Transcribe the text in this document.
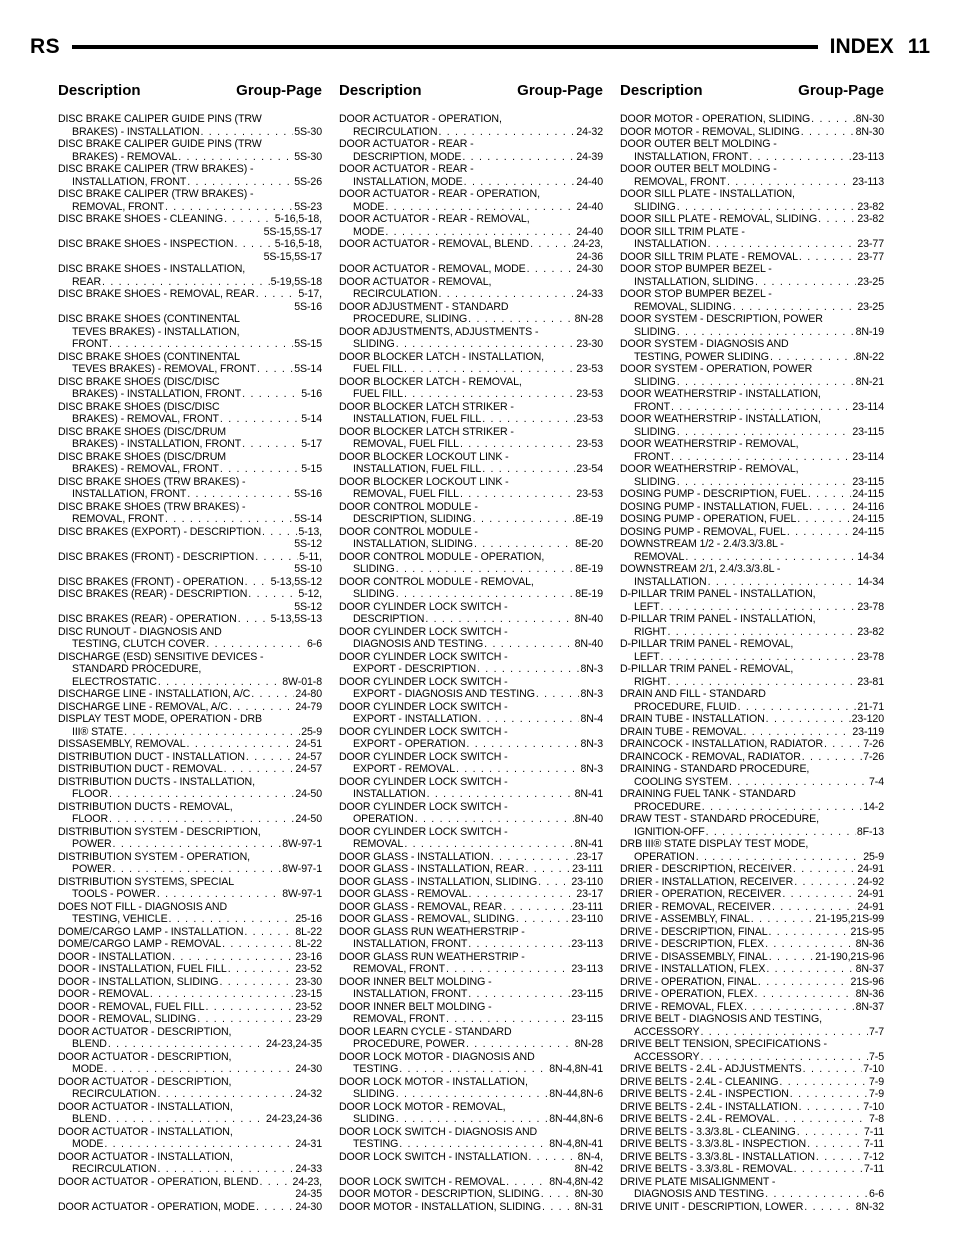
RS	INDEX 11
Description	Group-Page Description	Group-Page Description	Group-Page
DISC BRAKE CALIPER GUIDE PINS (TRW
BRAKES) - INSTALLATION . . .	5S-30
DISC BRAKE CALIPER GUIDE PINS (TRW
BRAKES) - REMOVAL . . .	5S-30
DISC BRAKE CALIPER (TRW BRAKES) -
INSTALLATION, FRONT . . .	5S-26
DISC BRAKE CALIPER (TRW BRAKES) -
REMOVAL, FRONT . . .	5S-23
DISC BRAKE SHOES - CLEANING . . .	5-16,5-18,
5S-15,5S-17
DISC BRAKE SHOES - INSPECTION . . .	5-16,5-18,
5S-15,5S-17
DISC BRAKE SHOES - INSTALLATION,
REAR . . .	5-19,5S-18
DISC BRAKE SHOES - REMOVAL, REAR . . .	5-17,
5S-16
DISC BRAKE SHOES (CONTINENTAL
TEVES BRAKES) - INSTALLATION,
FRONT . . .	5S-15
DISC BRAKE SHOES (CONTINENTAL
TEVES BRAKES) - REMOVAL, FRONT . . .	5S-14
DISC BRAKE SHOES (DISC/DISC
BRAKES) - INSTALLATION, FRONT . . .	5-16
DISC BRAKE SHOES (DISC/DISC
BRAKES) - REMOVAL, FRONT . . .	5-14
DISC BRAKE SHOES (DISC/DRUM
BRAKES) - INSTALLATION, FRONT . . .	5-17
DISC BRAKE SHOES (DISC/DRUM
BRAKES) - REMOVAL, FRONT . . .	5-15
DISC BRAKE SHOES (TRW BRAKES) -
INSTALLATION, FRONT . . .	5S-16
DISC BRAKE SHOES (TRW BRAKES) -
REMOVAL, FRONT . . .	5S-14
DISC BRAKES (EXPORT) - DESCRIPTION . . .	5-13,
5S-12
DISC BRAKES (FRONT) - DESCRIPTION . . .	5-11,
5S-10
DISC BRAKES (FRONT) - OPERATION . . .	5-13,5S-12
DISC BRAKES (REAR) - DESCRIPTION . . .	5-12,
5S-12
DISC BRAKES (REAR) - OPERATION . . .	5-13,5S-13
DISC RUNOUT - DIAGNOSIS AND
TESTING, CLUTCH COVER . . .	6-6
DISCHARGE (ESD) SENSITIVE DEVICES -
STANDARD PROCEDURE,
ELECTROSTATIC . . .	8W-01-8
DISCHARGE LINE - INSTALLATION, A/C . . .	24-80
DISCHARGE LINE - REMOVAL, A/C . . .	24-79
DISPLAY TEST MODE, OPERATION - DRB
III® STATE . . .	25-9
DISSASEMBLY, REMOVAL . . .	24-51
DISTRIBUTION DUCT - INSTALLATION . . .	24-57
DISTRIBUTION DUCT - REMOVAL . . .	24-57
DISTRIBUTION DUCTS - INSTALLATION,
FLOOR . . .	24-50
DISTRIBUTION DUCTS - REMOVAL,
FLOOR . . .	24-50
DISTRIBUTION SYSTEM - DESCRIPTION,
POWER . . .	8W-97-1
DISTRIBUTION SYSTEM - OPERATION,
POWER . . .	8W-97-1
DISTRIBUTION SYSTEMS, SPECIAL
TOOLS - POWER . . .	8W-97-1
DOES NOT FILL - DIAGNOSIS AND
TESTING, VEHICLE . . .	25-16
DOME/CARGO LAMP - INSTALLATION . . .	8L-22
DOME/CARGO LAMP - REMOVAL . . .	8L-22
DOOR - INSTALLATION . . .	23-16
DOOR - INSTALLATION, FUEL FILL . . .	23-52
DOOR - INSTALLATION, SLIDING . . .	23-30
DOOR - REMOVAL . . .	23-15
DOOR - REMOVAL, FUEL FILL . . .	23-52
DOOR - REMOVAL, SLIDING . . .	23-29
DOOR ACTUATOR - DESCRIPTION,
BLEND . . .	24-23,24-35
DOOR ACTUATOR - DESCRIPTION,
MODE . . .	24-30
DOOR ACTUATOR - DESCRIPTION,
RECIRCULATION . . .	24-32
DOOR ACTUATOR - INSTALLATION,
BLEND . . .	24-23,24-36
DOOR ACTUATOR - INSTALLATION,
MODE . . .	24-31
DOOR ACTUATOR - INSTALLATION,
RECIRCULATION . . .	24-33
DOOR ACTUATOR - OPERATION, BLEND . . .	24-23,
24-35
DOOR ACTUATOR - OPERATION, MODE . . .	24-30
DOOR ACTUATOR - OPERATION,
RECIRCULATION . . .	24-32
DOOR ACTUATOR - REAR -
DESCRIPTION, MODE . . .	24-39
DOOR ACTUATOR - REAR -
INSTALLATION, MODE . . .	24-40
DOOR ACTUATOR - REAR - OPERATION,
MODE . . .	24-40
DOOR ACTUATOR - REAR - REMOVAL,
MODE . . .	24-40
DOOR ACTUATOR - REMOVAL, BLEND . . .	24-23,
24-36
DOOR ACTUATOR - REMOVAL, MODE . . .	24-30
DOOR ACTUATOR - REMOVAL,
RECIRCULATION . . .	24-33
DOOR ADJUSTMENT - STANDARD
PROCEDURE, SLIDING . . .	8N-28
DOOR ADJUSTMENTS, ADJUSTMENTS -
SLIDING . . .	23-30
DOOR BLOCKER LATCH - INSTALLATION,
FUEL FILL . . .	23-53
DOOR BLOCKER LATCH - REMOVAL,
FUEL FILL . . .	23-53
DOOR BLOCKER LATCH STRIKER -
INSTALLATION, FUEL FILL . . .	23-53
DOOR BLOCKER LATCH STRIKER -
REMOVAL, FUEL FILL . . .	23-53
DOOR BLOCKER LOCKOUT LINK -
INSTALLATION, FUEL FILL . . .	23-54
DOOR BLOCKER LOCKOUT LINK -
REMOVAL, FUEL FILL . . .	23-53
DOOR CONTROL MODULE -
DESCRIPTION, SLIDING . . .	8E-19
DOOR CONTROL MODULE -
INSTALLATION, SLIDING . . .	8E-20
DOOR CONTROL MODULE - OPERATION,
SLIDING . . .	8E-19
DOOR CONTROL MODULE - REMOVAL,
SLIDING . . .	8E-19
DOOR CYLINDER LOCK SWITCH -
DESCRIPTION . . .	8N-40
DOOR CYLINDER LOCK SWITCH -
DIAGNOSIS AND TESTING . . .	8N-40
DOOR CYLINDER LOCK SWITCH -
EXPORT - DESCRIPTION . . .	8N-3
DOOR CYLINDER LOCK SWITCH -
EXPORT - DIAGNOSIS AND TESTING . . .	8N-3
DOOR CYLINDER LOCK SWITCH -
EXPORT - INSTALLATION . . .	8N-4
DOOR CYLINDER LOCK SWITCH -
EXPORT - OPERATION . . .	8N-3
DOOR CYLINDER LOCK SWITCH -
EXPORT - REMOVAL . . .	8N-3
DOOR CYLINDER LOCK SWITCH -
INSTALLATION . . .	8N-41
DOOR CYLINDER LOCK SWITCH -
OPERATION . . .	8N-40
DOOR CYLINDER LOCK SWITCH -
REMOVAL . . .	8N-41
DOOR GLASS - INSTALLATION . . .	23-17
DOOR GLASS - INSTALLATION, REAR . . .	23-111
DOOR GLASS - INSTALLATION, SLIDING . . .	23-110
DOOR GLASS - REMOVAL . . .	23-17
DOOR GLASS - REMOVAL, REAR . . .	23-111
DOOR GLASS - REMOVAL, SLIDING . . .	23-110
DOOR GLASS RUN WEATHERSTRIP -
INSTALLATION, FRONT . . .	23-113
DOOR GLASS RUN WEATHERSTRIP -
REMOVAL, FRONT . . .	23-113
DOOR INNER BELT MOLDING -
INSTALLATION, FRONT . . .	23-115
DOOR INNER BELT MOLDING -
REMOVAL, FRONT . . .	23-115
DOOR LEARN CYCLE - STANDARD
PROCEDURE, POWER . . .	8N-28
DOOR LOCK MOTOR - DIAGNOSIS AND
TESTING . . .	8N-4,8N-41
DOOR LOCK MOTOR - INSTALLATION,
SLIDING . . .	8N-44,8N-6
DOOR LOCK MOTOR - REMOVAL,
SLIDING . . .	8N-44,8N-6
DOOR LOCK SWITCH - DIAGNOSIS AND
TESTING . . .	8N-4,8N-41
DOOR LOCK SWITCH - INSTALLATION . . .	8N-4,
8N-42
DOOR LOCK SWITCH - REMOVAL . . .	8N-4,8N-42
DOOR MOTOR - DESCRIPTION, SLIDING . . .	8N-30
DOOR MOTOR - INSTALLATION, SLIDING . . .	8N-31
DOOR MOTOR - OPERATION, SLIDING . . .	8N-30
DOOR MOTOR - REMOVAL, SLIDING . . .	8N-30
DOOR OUTER BELT MOLDING -
INSTALLATION, FRONT . . .	23-113
DOOR OUTER BELT MOLDING -
REMOVAL, FRONT . . .	23-113
DOOR SILL PLATE - INSTALLATION,
SLIDING . . .	23-82
DOOR SILL PLATE - REMOVAL, SLIDING . . .	23-82
DOOR SILL TRIM PLATE -
INSTALLATION . . .	23-77
DOOR SILL TRIM PLATE - REMOVAL . . .	23-77
DOOR STOP BUMPER BEZEL -
INSTALLATION, SLIDING . . .	23-25
DOOR STOP BUMPER BEZEL -
REMOVAL, SLIDING . . .	23-25
DOOR SYSTEM - DESCRIPTION, POWER
SLIDING . . .	8N-19
DOOR SYSTEM - DIAGNOSIS AND
TESTING, POWER SLIDING . . .	8N-22
DOOR SYSTEM - OPERATION, POWER
SLIDING . . .	8N-21
DOOR WEATHERSTRIP - INSTALLATION,
FRONT . . .	23-114
DOOR WEATHERSTRIP - INSTALLATION,
SLIDING . . .	23-115
DOOR WEATHERSTRIP - REMOVAL,
FRONT . . .	23-114
DOOR WEATHERSTRIP - REMOVAL,
SLIDING . . .	23-115
DOSING PUMP - DESCRIPTION, FUEL . . .	24-115
DOSING PUMP - INSTALLATION, FUEL . . .	24-116
DOSING PUMP - OPERATION, FUEL . . .	24-115
DOSING PUMP - REMOVAL, FUEL . . .	24-115
DOWNSTREAM 1/2 - 2.4/3.3/3.8L -
REMOVAL . . .	14-34
DOWNSTREAM 2/1, 2.4/3.3/3.8L -
INSTALLATION . . .	14-34
D-PILLAR TRIM PANEL - INSTALLATION,
LEFT . . .	23-78
D-PILLAR TRIM PANEL - INSTALLATION,
RIGHT . . .	23-82
D-PILLAR TRIM PANEL - REMOVAL,
LEFT . . .	23-78
D-PILLAR TRIM PANEL - REMOVAL,
RIGHT . . .	23-81
DRAIN AND FILL - STANDARD
PROCEDURE, FLUID . . .	21-71
DRAIN TUBE - INSTALLATION . . .	23-120
DRAIN TUBE - REMOVAL . . .	23-119
DRAINCOCK - INSTALLATION, RADIATOR . . .	7-26
DRAINCOCK - REMOVAL, RADIATOR . . .	7-26
DRAINING - STANDARD PROCEDURE,
COOLING SYSTEM . . .	7-4
DRAINING FUEL TANK - STANDARD
PROCEDURE . . .	14-2
DRAW TEST - STANDARD PROCEDURE,
IGNITION-OFF . . .	8F-13
DRB III® STATE DISPLAY TEST MODE,
OPERATION . . .	25-9
DRIER - DESCRIPTION, RECEIVER . . .	24-91
DRIER - INSTALLATION, RECEIVER . . .	24-92
DRIER - OPERATION, RECEIVER . . .	24-91
DRIER - REMOVAL, RECEIVER . . .	24-91
DRIVE - ASSEMBLY, FINAL . . .	21-195,21S-99
DRIVE - DESCRIPTION, FINAL . . .	21S-95
DRIVE - DESCRIPTION, FLEX . . .	8N-36
DRIVE - DISASSEMBLY, FINAL . . .	21-190,21S-96
DRIVE - INSTALLATION, FLEX . . .	8N-37
DRIVE - OPERATION, FINAL . . .	21S-96
DRIVE - OPERATION, FLEX . . .	8N-36
DRIVE - REMOVAL, FLEX . . .	8N-37
DRIVE BELT - DIAGNOSIS AND TESTING,
ACCESSORY . . .	7-7
DRIVE BELT TENSION, SPECIFICATIONS -
ACCESSORY . . .	7-5
DRIVE BELTS - 2.4L - ADJUSTMENTS . . .	7-10
DRIVE BELTS - 2.4L - CLEANING . . .	7-9
DRIVE BELTS - 2.4L - INSPECTION . . .	7-9
DRIVE BELTS - 2.4L - INSTALLATION . . .	7-10
DRIVE BELTS - 2.4L - REMOVAL . . .	7-8
DRIVE BELTS - 3.3/3.8L - CLEANING . . .	7-11
DRIVE BELTS - 3.3/3.8L - INSPECTION . . .	7-11
DRIVE BELTS - 3.3/3.8L - INSTALLATION . . .	7-12
DRIVE BELTS - 3.3/3.8L - REMOVAL . . .	7-11
DRIVE PLATE MISALIGNMENT -
DIAGNOSIS AND TESTING . . .	6-6
DRIVE UNIT - DESCRIPTION, LOWER . . .	8N-32
